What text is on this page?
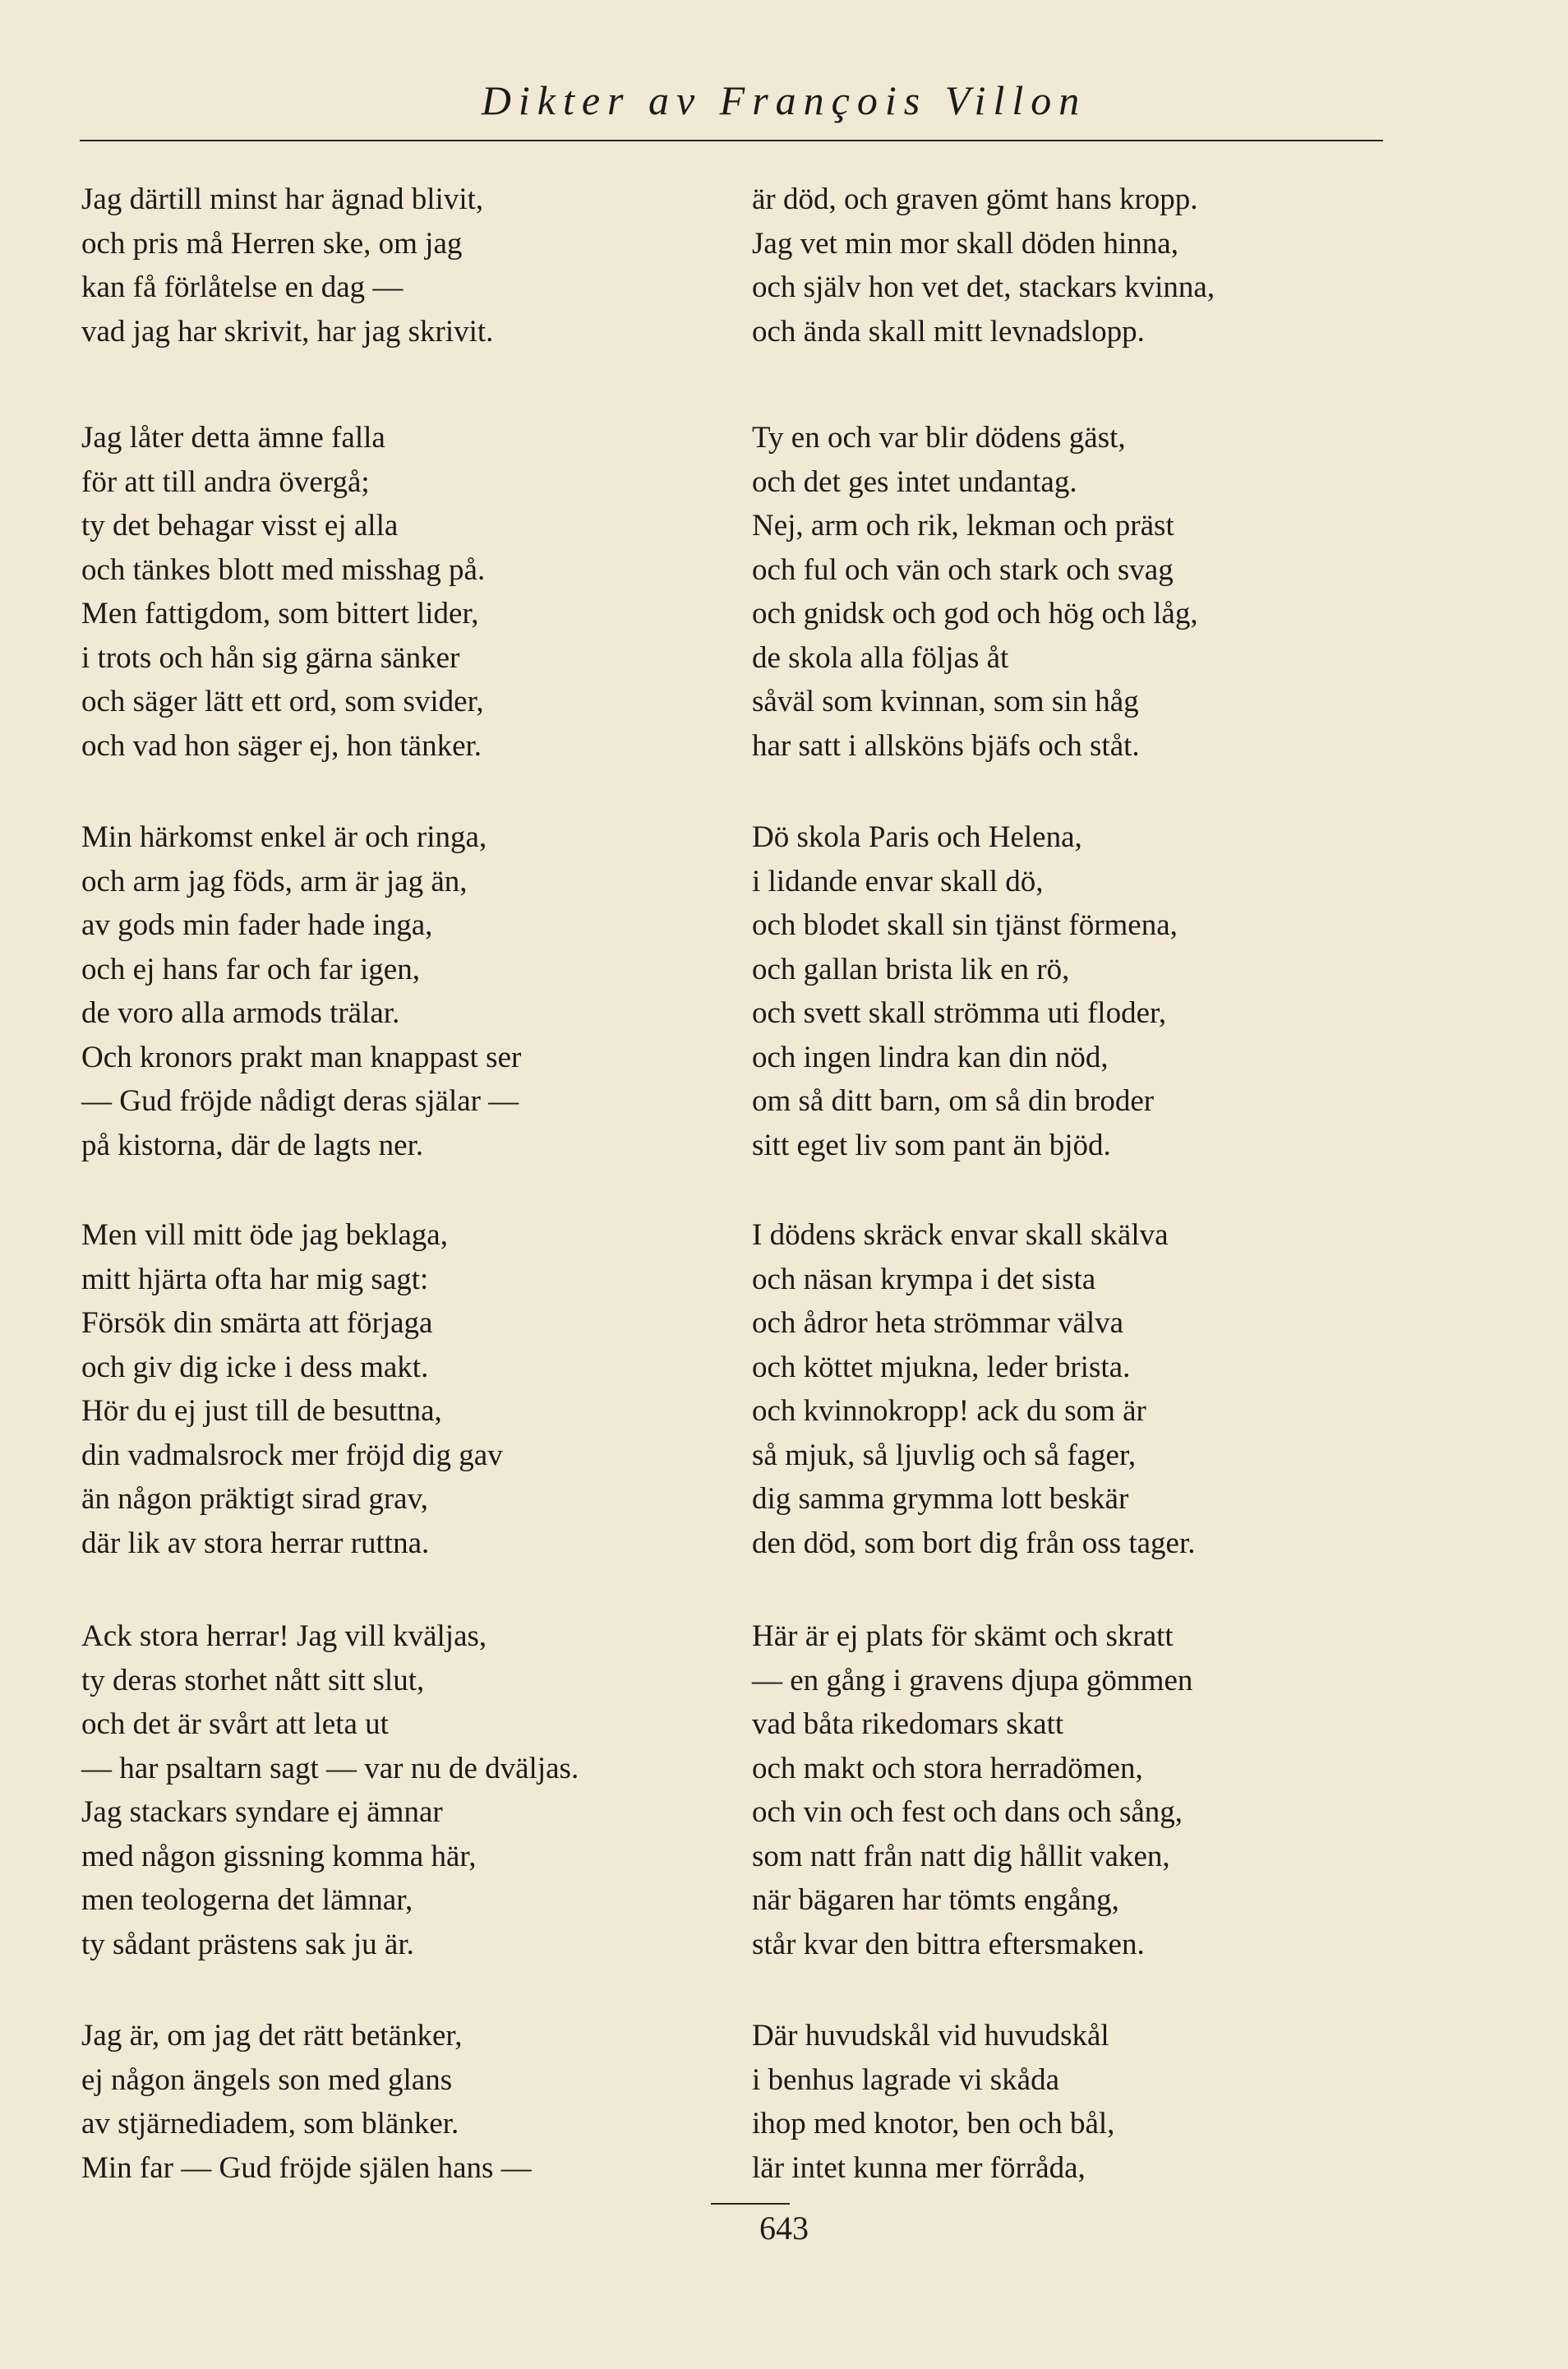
Dikter av François Villon
Jag därtill minst har ägnad blivit,
och pris må Herren ske, om jag
kan få förlåtelse en dag —
vad jag har skrivit, har jag skrivit.
Jag låter detta ämne falla
för att till andra övergå;
ty det behagar visst ej alla
och tänkes blott med misshag på.
Men fattigdom, som bittert lider,
i trots och hån sig gärna sänker
och säger lätt ett ord, som svider,
och vad hon säger ej, hon tänker.
Min härkomst enkel är och ringa,
och arm jag föds, arm är jag än,
av gods min fader hade inga,
och ej hans far och far igen,
de voro alla armods trälar.
Och kronors prakt man knappast ser
— Gud fröjde nådigt deras själar —
på kistorna, där de lagts ner.
Men vill mitt öde jag beklaga,
mitt hjärta ofta har mig sagt:
Försök din smärta att förjaga
och giv dig icke i dess makt.
Hör du ej just till de besuttna,
din vadmalsrock mer fröjd dig gav
än någon präktigt sirad grav,
där lik av stora herrar ruttna.
Ack stora herrar! Jag vill kväljas,
ty deras storhet nått sitt slut,
och det är svårt att leta ut
— har psaltarn sagt — var nu de dväljas.
Jag stackars syndare ej ämnar
med någon gissning komma här,
men teologerna det lämnar,
ty sådant prästens sak ju är.
Jag är, om jag det rätt betänker,
ej någon ängels son med glans
av stjärnediadem, som blänker.
Min far — Gud fröjde själen hans —
är död, och graven gömt hans kropp.
Jag vet min mor skall döden hinna,
och själv hon vet det, stackars kvinna,
och ända skall mitt levnadslopp.
Ty en och var blir dödens gäst,
och det ges intet undantag.
Nej, arm och rik, lekman och präst
och ful och vän och stark och svag
och gnidsk och god och hög och låg,
de skola alla följas åt
såväl som kvinnan, som sin håg
har satt i allsköns bjäfs och ståt.
Dö skola Paris och Helena,
i lidande envar skall dö,
och blodet skall sin tjänst förmena,
och gallan brista lik en rö,
och svett skall strömma uti floder,
och ingen lindra kan din nöd,
om så ditt barn, om så din broder
sitt eget liv som pant än bjöd.
I dödens skräck envar skall skälva
och näsan krympa i det sista
och ådror heta strömmar välva
och köttet mjukna, leder brista.
och kvinnokropp! ack du som är
så mjuk, så ljuvlig och så fager,
dig samma grymma lott beskär
den död, som bort dig från oss tager.
Här är ej plats för skämt och skratt
— en gång i gravens djupa gömmen
vad båta rikedomars skatt
och makt och stora herradömen,
och vin och fest och dans och sång,
som natt från natt dig hållit vaken,
när bägaren har tömts engång,
står kvar den bittra eftersmaken.
Där huvudskål vid huvudskål
i benhus lagrade vi skåda
ihop med knotor, ben och bål,
lär intet kunna mer förråda,
643
